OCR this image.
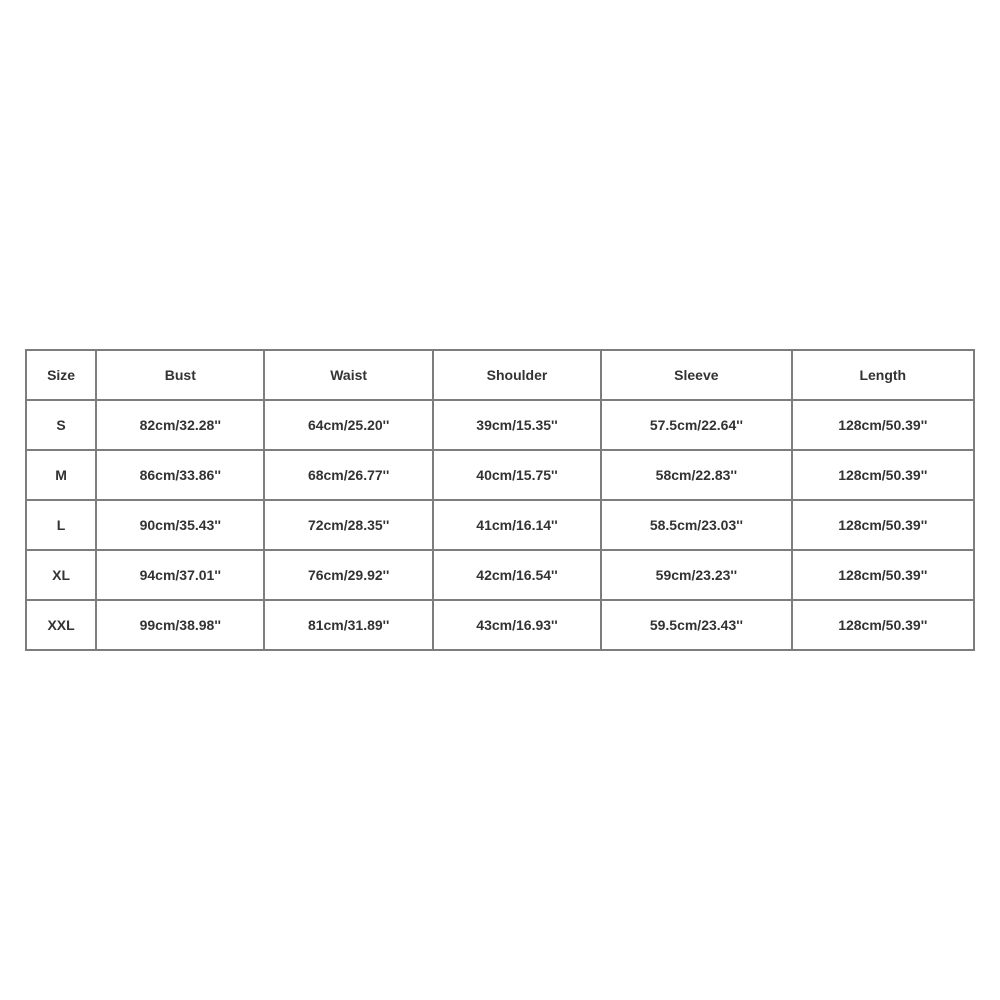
Size	Bust	Waist	Shoulder	Sleeve	Length
S	82cm/32.28''	64cm/25.20''	39cm/15.35''	57.5cm/22.64''	128cm/50.39''
M	86cm/33.86''	68cm/26.77''	40cm/15.75''	58cm/22.83''	128cm/50.39''
L	90cm/35.43''	72cm/28.35''	41cm/16.14''	58.5cm/23.03''	128cm/50.39''
XL	94cm/37.01''	76cm/29.92''	42cm/16.54''	59cm/23.23''	128cm/50.39''
XXL	99cm/38.98''	81cm/31.89''	43cm/16.93''	59.5cm/23.43''	128cm/50.39''
